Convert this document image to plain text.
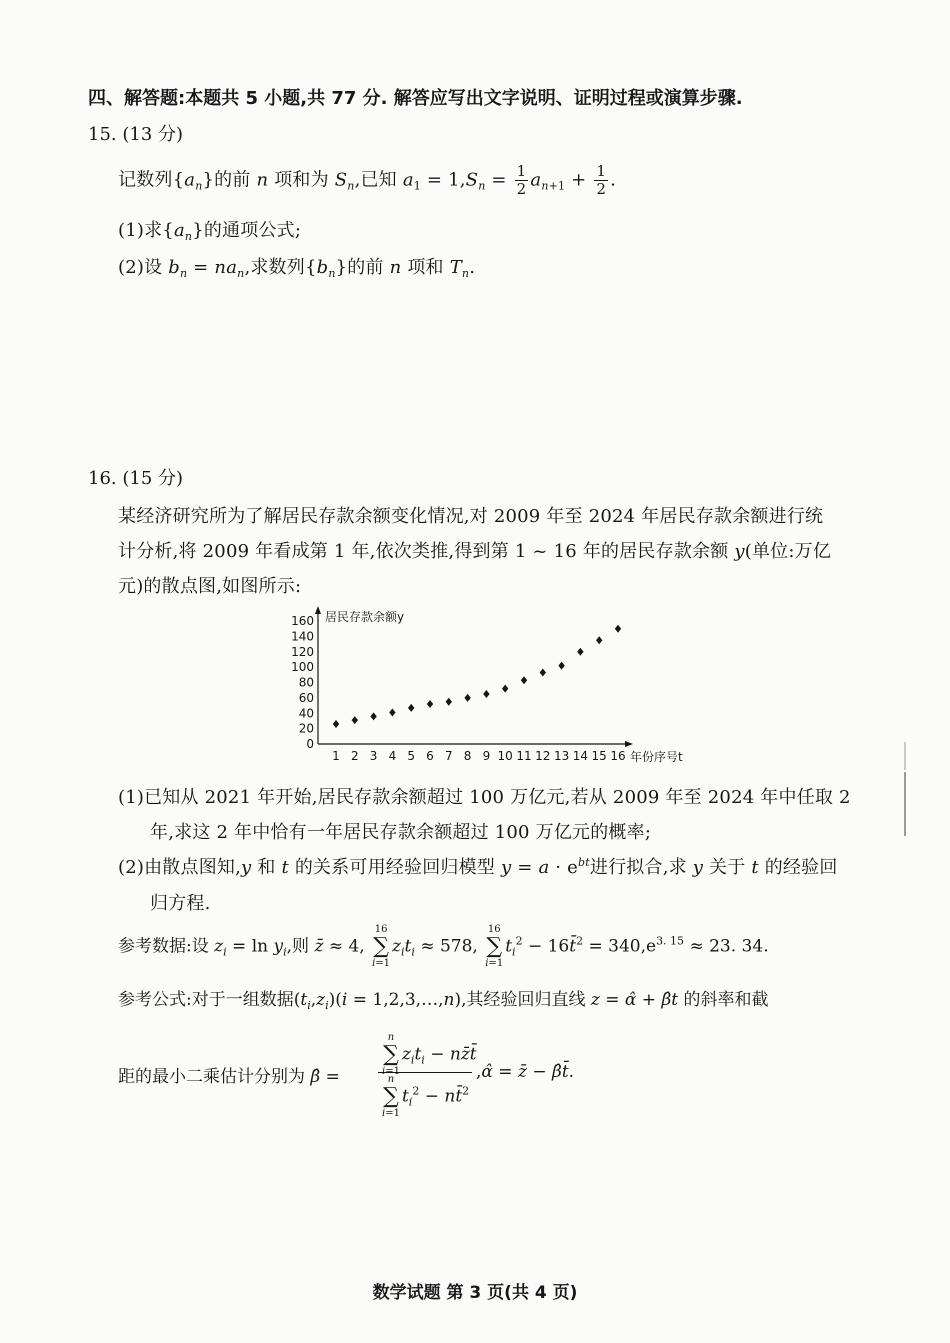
四、解答题:本题共 5 小题,共 77 分. 解答应写出文字说明、证明过程或演算步骤.
15. (13 分)
记数列$\{a_n\}$的前 n 项和为 $S_n$,已知 $a_1 = 1,S_n = \frac{1}{2} a_{n+1} + \frac{1}{2}$ .
(1)求$\{a_n\}$的通项公式;
(2)设 $b_n = na_n$,求数列$\{b_n\}$的前 n 项和 $T_n$.
16. (15 分)
某经济研究所为了解居民存款余额变化情况,对 2009 年至 2024 年居民存款余额进行统
计分析,将 2009 年看成第 1 年,依次类推,得到第 1 ~ 16 年的居民存款余额 y(单位:万亿
元)的散点图,如图所示:
居民存款余额y
年份序号t
0
20
40
60
80
100
120
140
160
1 2 3 4 5 6 7 8 9 10 11 12 13 14 15 16
(1)已知从 2021 年开始,居民存款余额超过 100 万亿元,若从 2009 年至 2024 年中任取 2
年,求这 2 年中恰有一年居民存款余额超过 100 万亿元的概率;
(2)由散点图知,y 和 t 的关系可用经验回归模型 $y = a \cdot e^{bt}$进行拟合,求 y 关于 t 的经验回
归方程.
参考数据:设 $z_i = \ln y_i$,则 z̄ ≈ 4,
16
∑
i=1
$z_it_i \approx 578$,
16
∑
i=1
$t_i^2$ − 16t̄$^2$ = $340,e^{3. 15} \approx 23$. 34.
参考公式:对于一组数据$(t_i,z_i)(i$ = 1,2,3,…,n),其经验回归直线 z = α̂ + β̂t 的斜率和截
距的最小二乘估计分别为 β̂ =
n
∑
i=1
$z_it_i$ − nz̄t̄
n
∑
i=1
$t_i^2$ − nt̄$^2$
,α̂ = z̄ − β̂t̄.
数学试题 第 3 页(共 4 页)
